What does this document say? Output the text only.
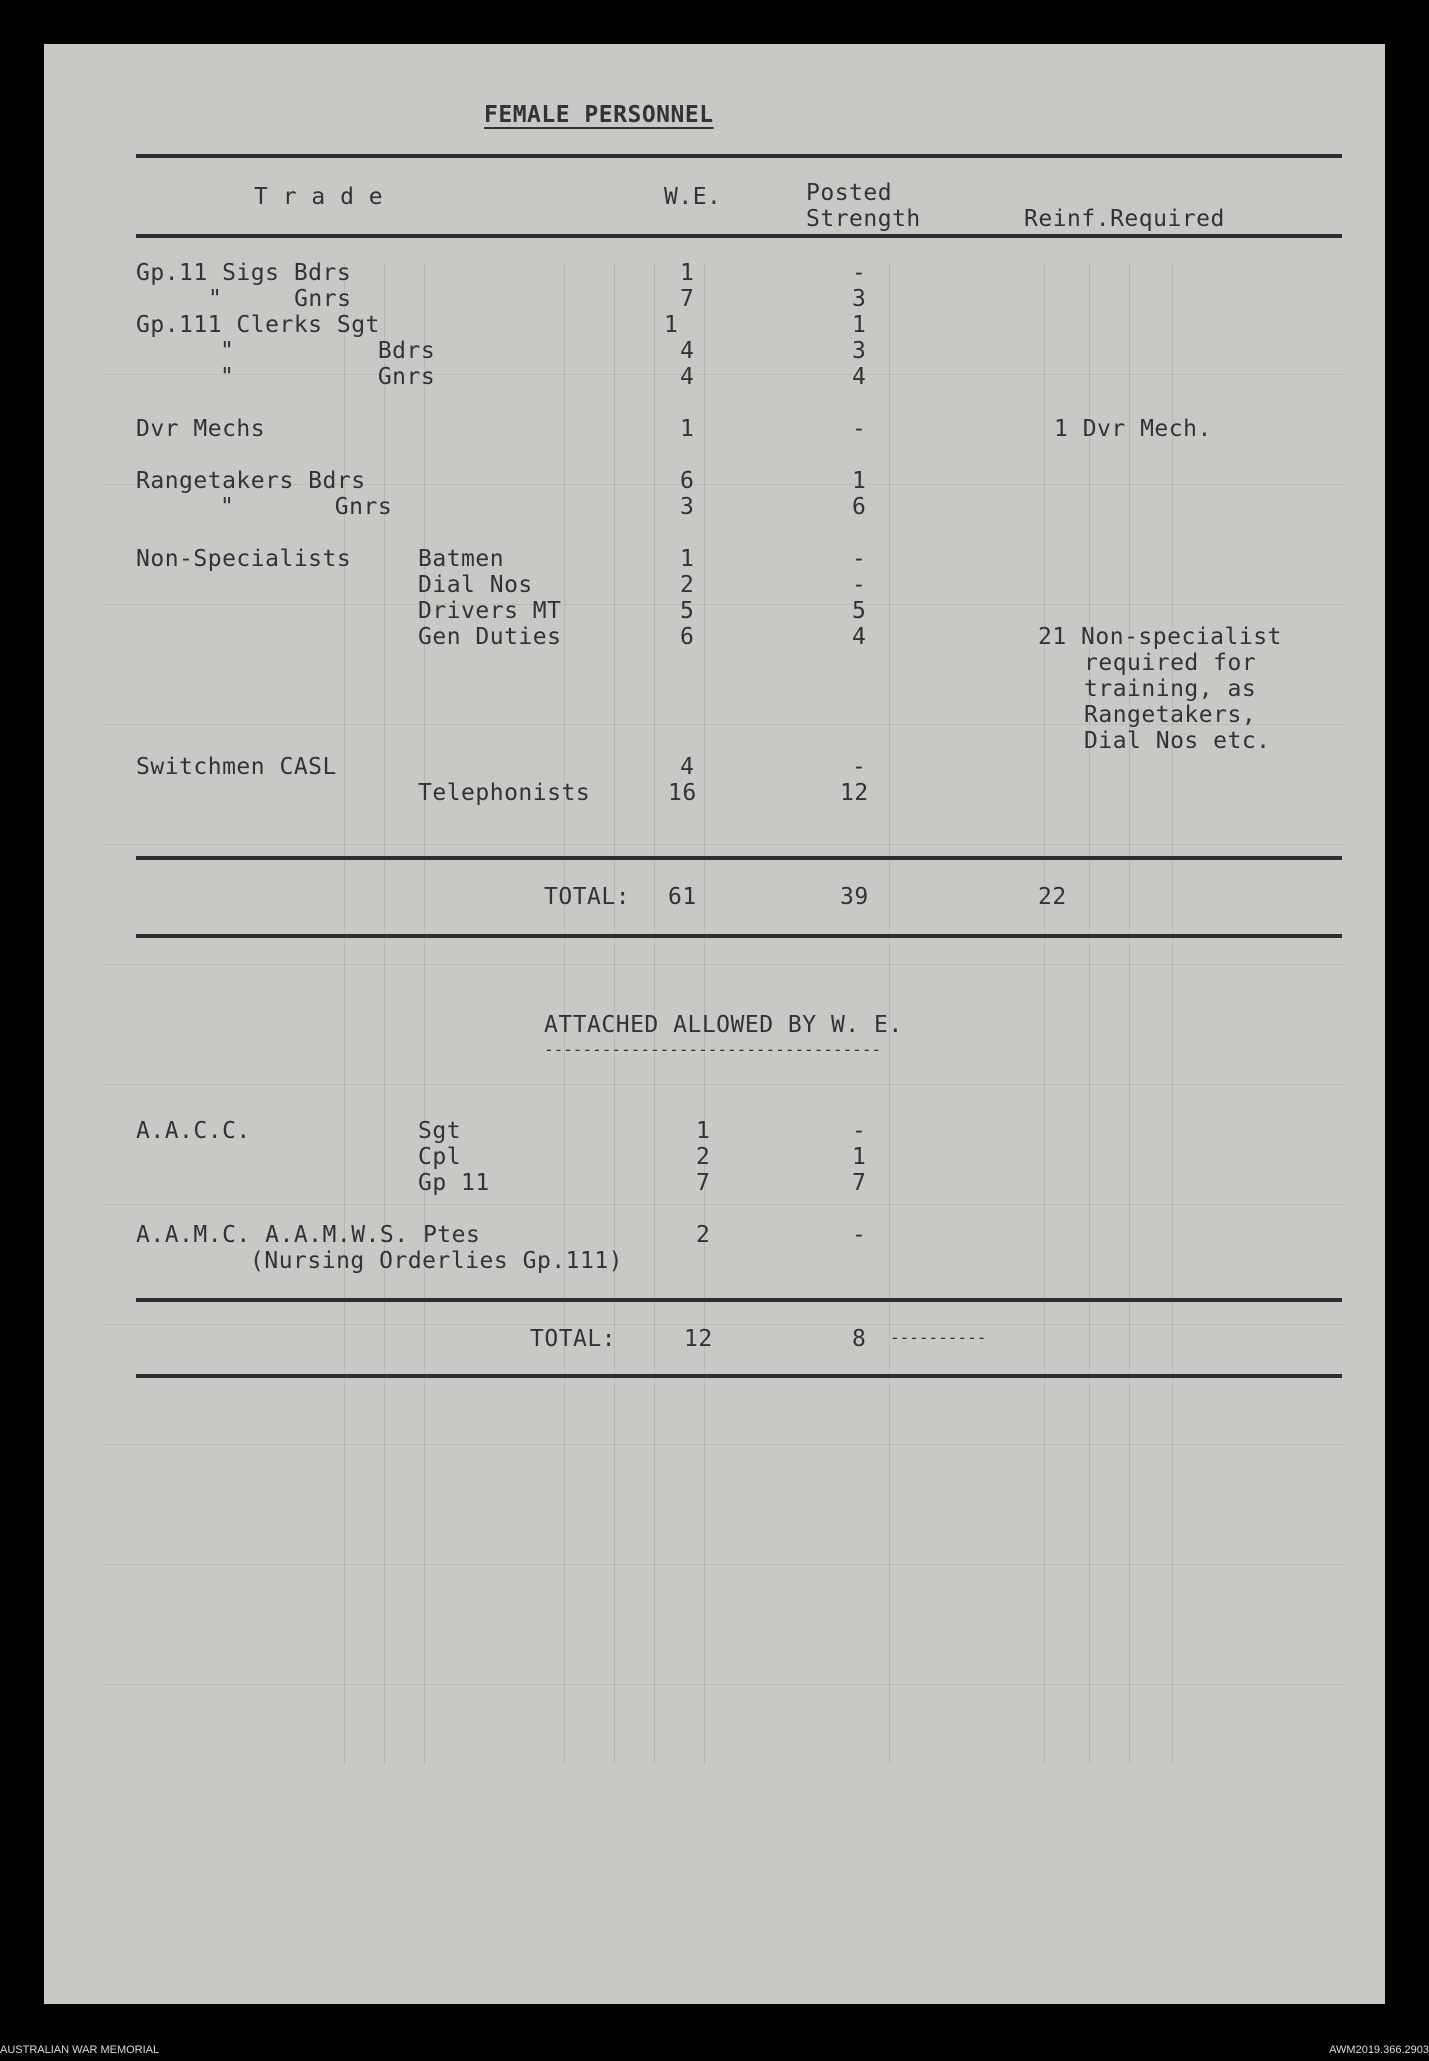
FEMALE PERSONNEL
T r a d e	W.E.	Posted
Strength	Reinf.Required
Gp.11 Sigs Bdrs	1	-
"     Gnrs	7	3
Gp.111 Clerks Sgt	1	1
"          Bdrs	4	3
"          Gnrs	4	4
Dvr Mechs	1	-	1 Dvr Mech.
Rangetakers Bdrs	6	1
"       Gnrs	3	6
Non-Specialists	Batmen	1	-
Dial Nos	2	-
Drivers MT	5	5
Gen Duties	6	4	21 Non-specialist
required for
training, as
Rangetakers,
Dial Nos etc.
Switchmen CASL	4	-
Telephonists	16	12
TOTAL: 61	39	22
ATTACHED ALLOWED BY W. E.
-----------------------------------
A.A.C.C.	Sgt	1	-
Cpl	2	1
Gp 11	7	7
A.A.M.C. A.A.M.W.S. Ptes	2	-
(Nursing Orderlies Gp.111)
TOTAL:	12	8 ----------
AUSTRALIAN WAR MEMORIAL	AWM2019.366.2903
